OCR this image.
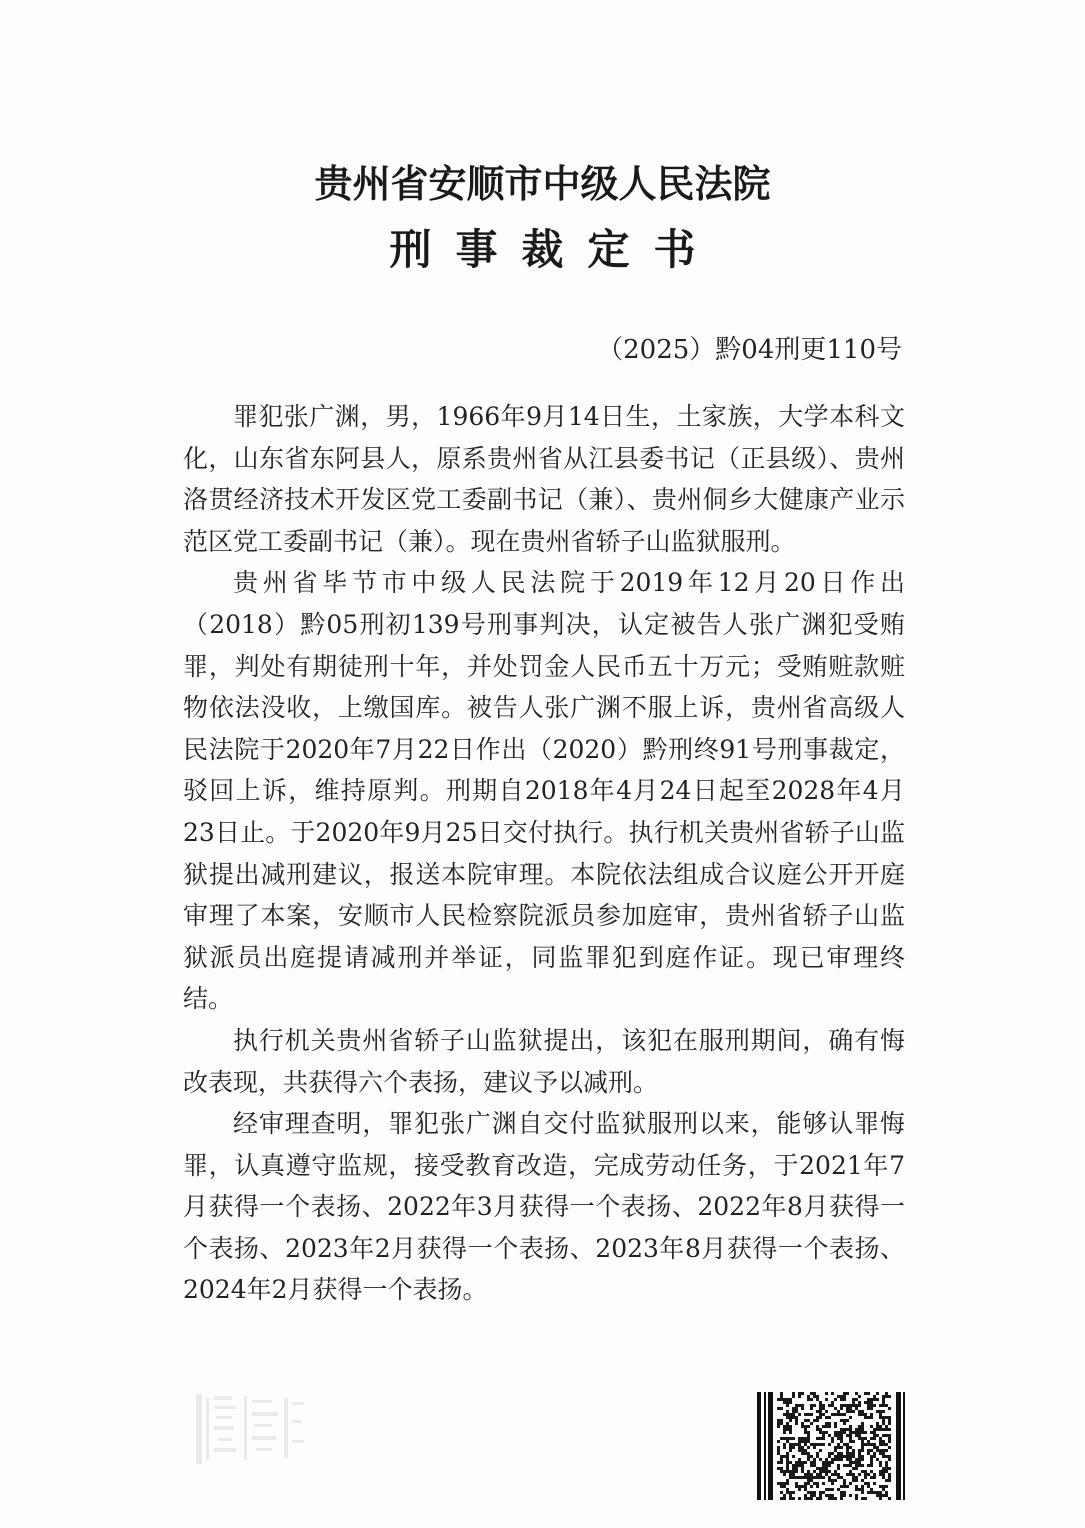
贵州省安顺市中级人民法院
刑事裁定书
（2025）黔04刑更110号

罪犯张广渊，男，1966年9月14日生，土家族，大学本科文化，山东省东阿县人，原系贵州省从江县委书记（正县级）、贵州洛贯经济技术开发区党工委副书记（兼）、贵州侗乡大健康产业示范区党工委副书记（兼）。现在贵州省轿子山监狱服刑。

贵州省毕节市中级人民法院于2019年12月20日作出（2018）黔05刑初139号刑事判决，认定被告人张广渊犯受贿罪，判处有期徒刑十年，并处罚金人民币五十万元；受贿赃款赃物依法没收，上缴国库。被告人张广渊不服上诉，贵州省高级人民法院于2020年7月22日作出（2020）黔刑终91号刑事裁定，驳回上诉，维持原判。刑期自2018年4月24日起至2028年4月23日止。于2020年9月25日交付执行。执行机关贵州省轿子山监狱提出减刑建议，报送本院审理。本院依法组成合议庭公开开庭审理了本案，安顺市人民检察院派员参加庭审，贵州省轿子山监狱派员出庭提请减刑并举证，同监罪犯到庭作证。现已审理终结。

执行机关贵州省轿子山监狱提出，该犯在服刑期间，确有悔改表现，共获得六个表扬，建议予以减刑。

经审理查明，罪犯张广渊自交付监狱服刑以来，能够认罪悔罪，认真遵守监规，接受教育改造，完成劳动任务，于2021年7月获得一个表扬、2022年3月获得一个表扬、2022年8月获得一个表扬、2023年2月获得一个表扬、2023年8月获得一个表扬、2024年2月获得一个表扬。
